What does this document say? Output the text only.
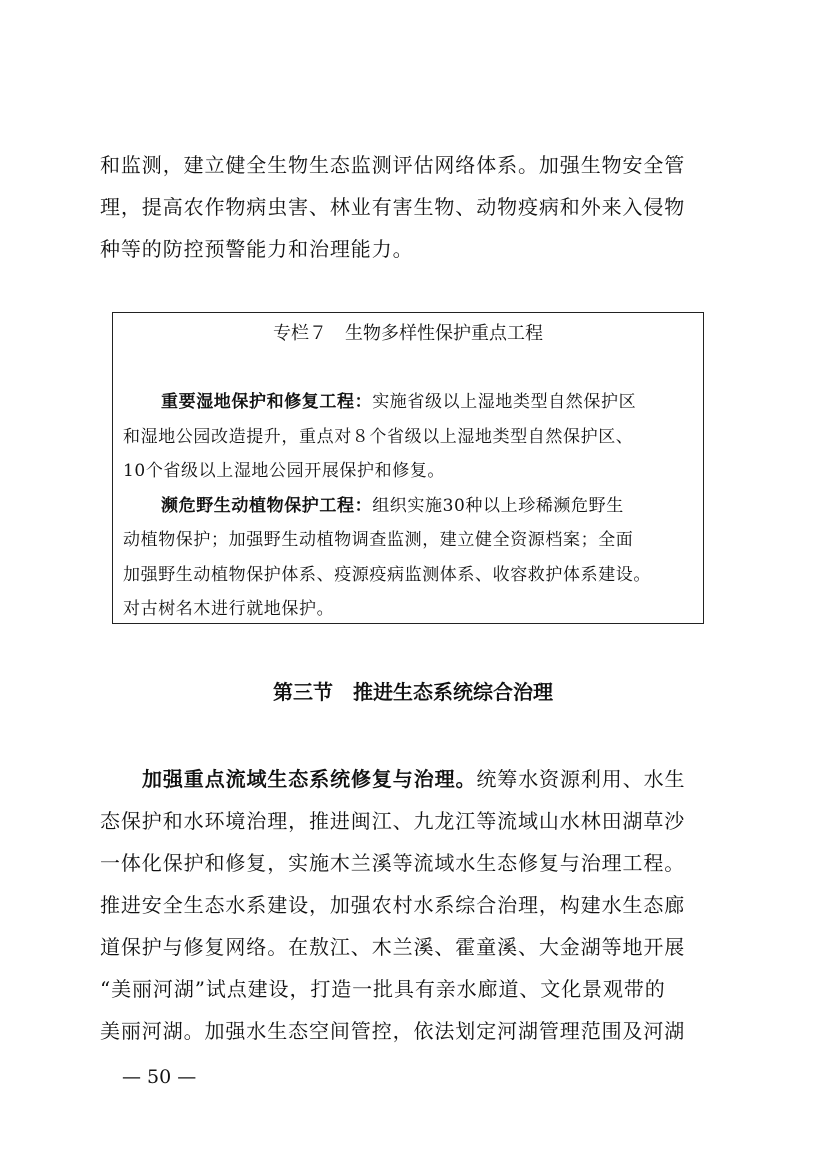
和监测，建立健全生物生态监测评估网络体系。加强生物安全管
理，提高农作物病虫害、林业有害生物、动物疫病和外来入侵物
种等的防控预警能力和治理能力。
专栏７　生物多样性保护重点工程
重要湿地保护和修复工程：实施省级以上湿地类型自然保护区
和湿地公园改造提升，重点对８个省级以上湿地类型自然保护区、
10个省级以上湿地公园开展保护和修复。
濒危野生动植物保护工程：组织实施30种以上珍稀濒危野生
动植物保护；加强野生动植物调查监测，建立健全资源档案；全面
加强野生动植物保护体系、疫源疫病监测体系、收容救护体系建设。
对古树名木进行就地保护。
第三节　推进生态系统综合治理
加强重点流域生态系统修复与治理。统筹水资源利用、水生
态保护和水环境治理，推进闽江、九龙江等流域山水林田湖草沙
一体化保护和修复，实施木兰溪等流域水生态修复与治理工程。
推进安全生态水系建设，加强农村水系综合治理，构建水生态廊
道保护与修复网络。在敖江、木兰溪、霍童溪、大金湖等地开展
“美丽河湖”试点建设，打造一批具有亲水廊道、文化景观带的
美丽河湖。加强水生态空间管控，依法划定河湖管理范围及河湖
— 50 —
